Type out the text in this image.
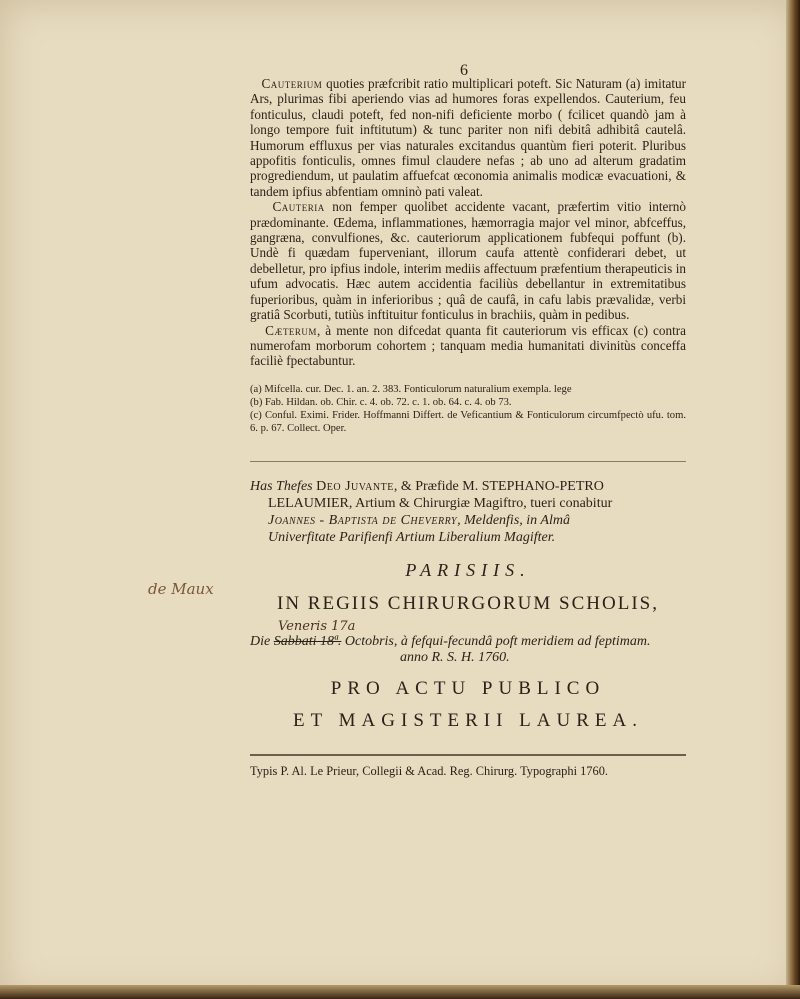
6
de Maux

Cauterium quoties præfcribit ratio multiplicari poteft. Sic Naturam (a) imitatur Ars, plurimas fibi aperiendo vias ad humores foras expellendos. Cauterium, feu fonticulus, claudi poteft, fed non-nifi deficiente morbo ( fcilicet quandò jam à longo tempore fuit inftitutum) & tunc pariter non nifi debitâ adhibitâ cautelâ. Humorum effluxus per vias naturales excitandus quantùm fieri poterit. Pluribus appofitis fonticulis, omnes fimul claudere nefas ; ab uno ad alterum gradatim progrediendum, ut paulatim affuefcat œconomia animalis modicæ evacuationi, & tandem ipfius abfentiam omninò pati valeat.

Cauteria non femper quolibet accidente vacant, præfertim vitio internò prædominante. Œdema, inflammationes, hæmorragia major vel minor, abfceffus, gangræna, convulfiones, &c. cauteriorum applicationem fubfequi poffunt (b). Undè fi quædam fuperveniant, illorum caufa attentè confiderari debet, ut debelletur, pro ipfius indole, interim mediis affectuum præfentium therapeuticis in ufum advocatis. Hæc autem accidentia faciliùs debellantur in extremitatibus fuperioribus, quàm in inferioribus ; quâ de caufâ, in cafu labis prævalidæ, verbi gratiâ Scorbuti, tutiùs inftituitur fonticulus in brachiis, quàm in pedibus.

Cæterum, à mente non difcedat quanta fit cauteriorum vis efficax (c) contra numerofam morborum cohortem ; tanquam media humanitati divinitùs conceffa faciliè fpectabuntur.

(a) Mifcella. cur. Dec. 1. an. 2. 383. Fonticulorum naturalium exempla. lege

(b) Fab. Hildan. ob. Chir. c. 4. ob. 72. c. 1. ob. 64. c. 4. ob 73.

(c) Conful. Eximi. Frider. Hoffmanni Differt. de Veficantium & Fonticulorum circumfpectò ufu. tom. 6. p. 67. Collect. Oper.

Has Thefes Deo Juvante, & Præfide M. STEPHANO-PETRO

LELAUMIER, Artium & Chirurgiæ Magiftro, tueri conabitur

Joannes - Baptista de Cheverry, Meldenfis, in Almâ

Univerfitate Parifienfi Artium Liberalium Magifter.

PARISIIS.
IN REGIIS CHIRURGORUM SCHOLIS,
Veneris 17a
Die Sabbati 18ª. Octobris, à fefqui-fecundâ poft meridiem ad feptimam.
anno R. S. H. 1760.
PRO ACTU PUBLICO
ET MAGISTERII LAUREA.
Typis P. Al. Le Prieur, Collegii & Acad. Reg. Chirurg. Typographi 1760.
